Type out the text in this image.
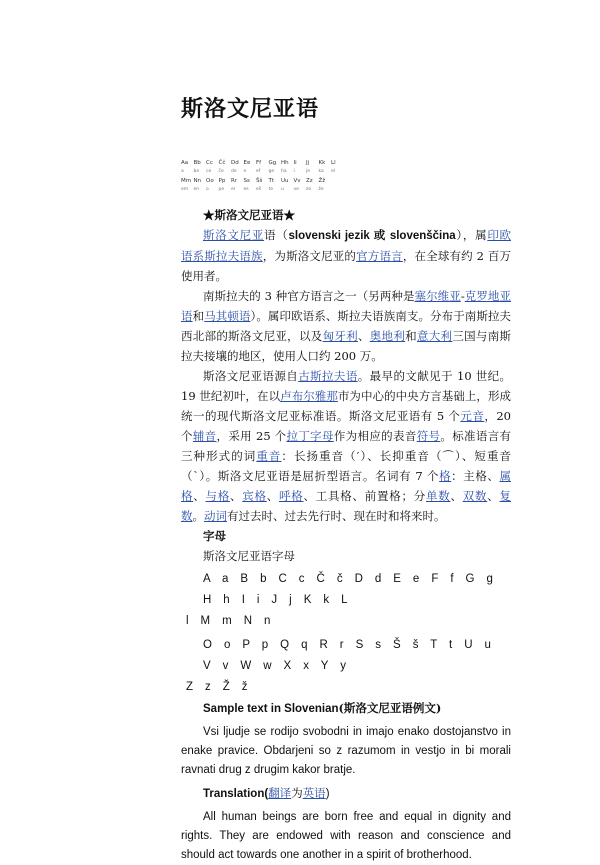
斯洛文尼亚语
Aa Bb Cc Čč Dd Ee Ff Gg Hh Ii Jj Kk Ll
a be ce če de e ef ge ha i je ka el
Mm Nn Oo Pp Rr Ss Šš Tt Uu Vv Zz Žž
em en o pe er es eš te u ve ze že
★斯洛文尼亚语★

斯洛文尼亚语（slovenski jezik 或 slovenščina），属印欧语系斯拉夫语族，为斯洛文尼亚的官方语言，在全球有约 2 百万使用者。

南斯拉夫的 3 种官方语言之一（另两种是塞尔维亚-克罗地亚语和马其顿语）。属印欧语系、斯拉夫语族南支。分布于南斯拉夫西北部的斯洛文尼亚，以及匈牙利、奥地利和意大利三国与南斯拉夫接壤的地区，使用人口约 200 万。

斯洛文尼亚语源自古斯拉夫语。最早的文献见于 10 世纪。19 世纪初叶，在以卢布尔雅那市为中心的中央方言基础上，形成统一的现代斯洛文尼亚标准语。斯洛文尼亚语有 5 个元音，20 个辅音，采用 25 个拉丁字母作为相应的表音符号。标准语言有三种形式的词重音：长扬重音（′）、长抑重音（⌒）、短重音（ˋ）。斯洛文尼亚语是屈折型语言。名词有 7 个格：主格、属格、与格、宾格、呼格、工具格、前置格；分单数、双数、复数。动词有过去时、过去先行时、现在时和将来时。

字母
斯洛文尼亚语字母
A a B b C c Č č D d E e F f G g H h I i J j K k L
l M m N n
O o P p Q q R r S s Š š T t U u V v W w X x Y y
Z z Ž ž
Sample text in Slovenian(斯洛文尼亚语例文)

Vsi ljudje se rodijo svobodni in imajo enako dostojanstvo in enake pravice. Obdarjeni so z razumom in vestjo in bi morali ravnati drug z drugim kakor bratje.

Translation(翻译为英语)

All human beings are born free and equal in dignity and rights. They are endowed with reason and conscience and should act towards one another in a spirit of brotherhood.
